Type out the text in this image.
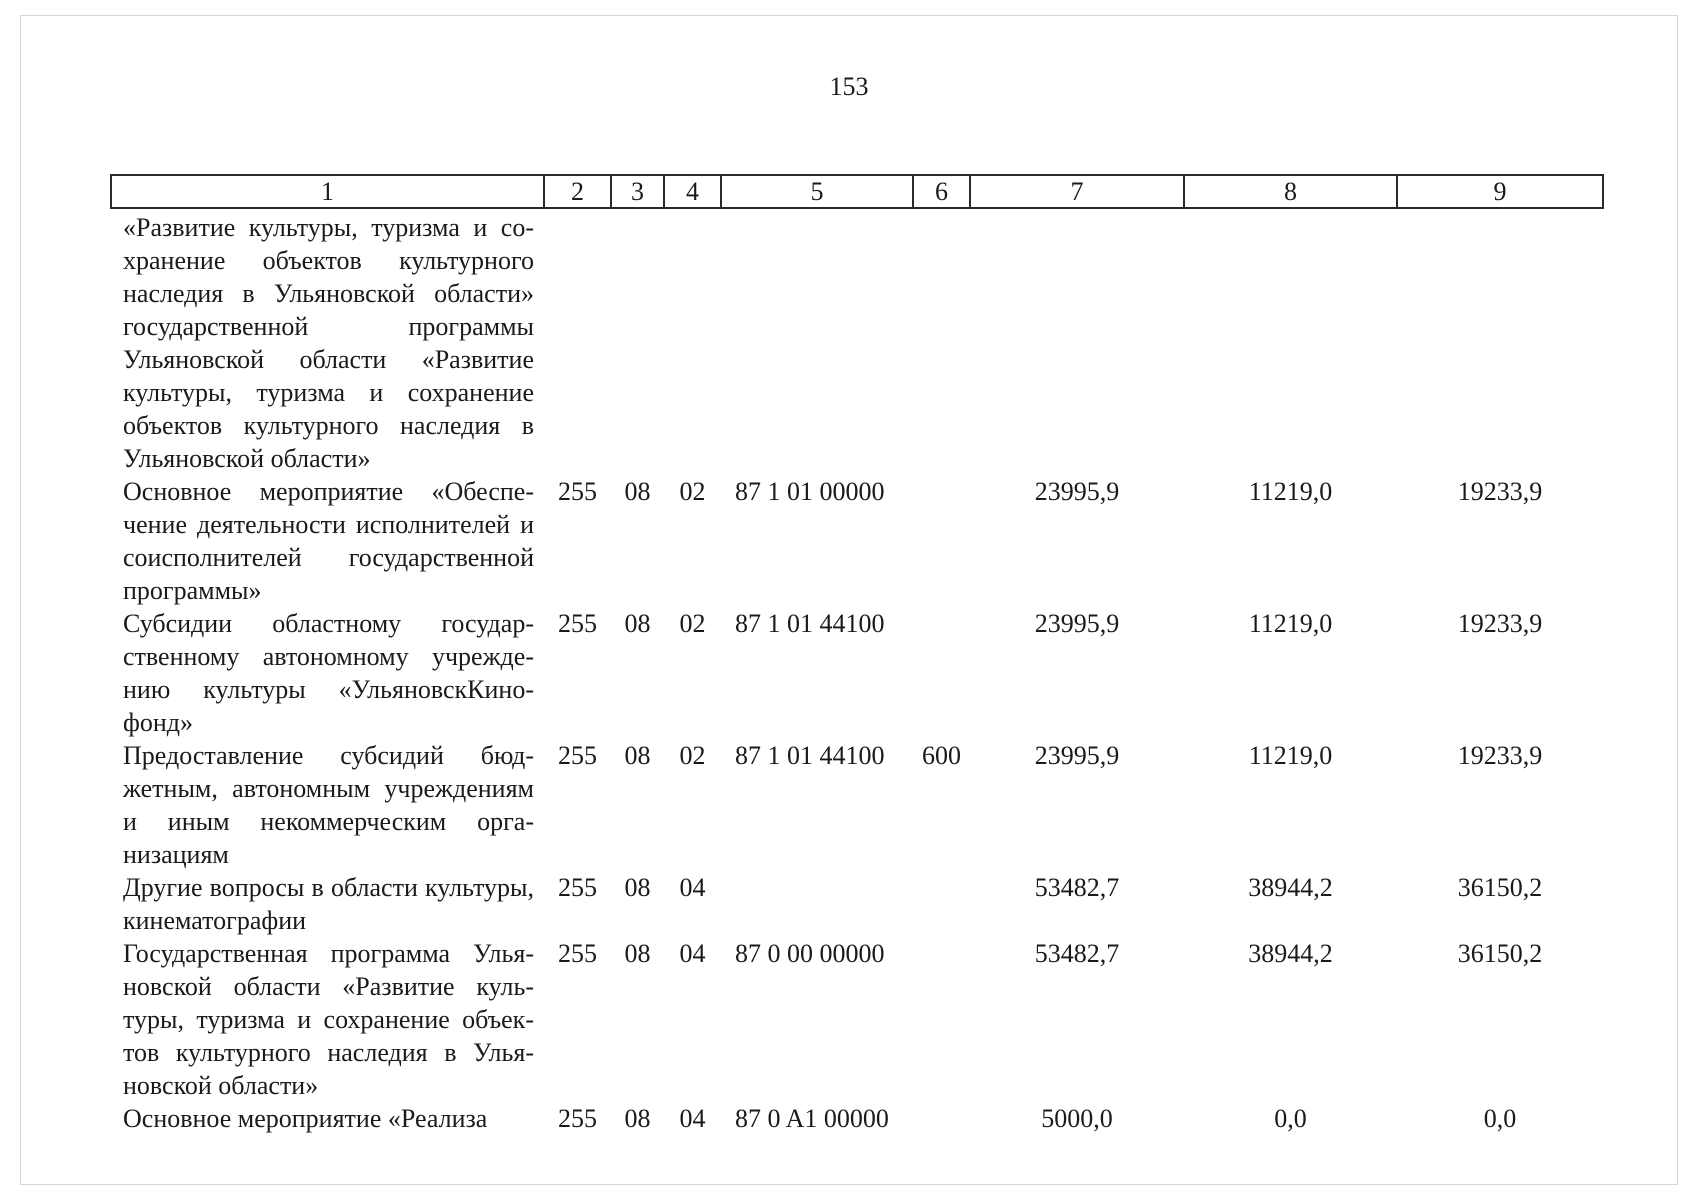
153
1	2	3	4	5	6	7	8	9
«Развитие культуры, туризма и сохранение объектов культурного наследия в Ульяновской области» государственной программы Ульяновской области «Развитие культуры, туризма и сохранение объектов культурного наследия в Ульяновской области»								
Основное мероприятие «Обеспечение деятельности исполнителей и соисполнителей государственной программы»	255	08	02	87 1 01 00000		23995,9	11219,0	19233,9
Субсидии областному государственному автономному учреждению культуры «УльяновскКинофонд»	255	08	02	87 1 01 44100		23995,9	11219,0	19233,9
Предоставление субсидий бюджетным, автономным учреждениям и иным некоммерческим организациям	255	08	02	87 1 01 44100	600	23995,9	11219,0	19233,9
Другие вопросы в области культуры, кинематографии	255	08	04			53482,7	38944,2	36150,2
Государственная программа Ульяновской области «Развитие культуры, туризма и сохранение объектов культурного наследия в Ульяновской области»	255	08	04	87 0 00 00000		53482,7	38944,2	36150,2
Основное мероприятие «Реализа	255	08	04	87 0 A1 00000		5000,0	0,0	0,0
